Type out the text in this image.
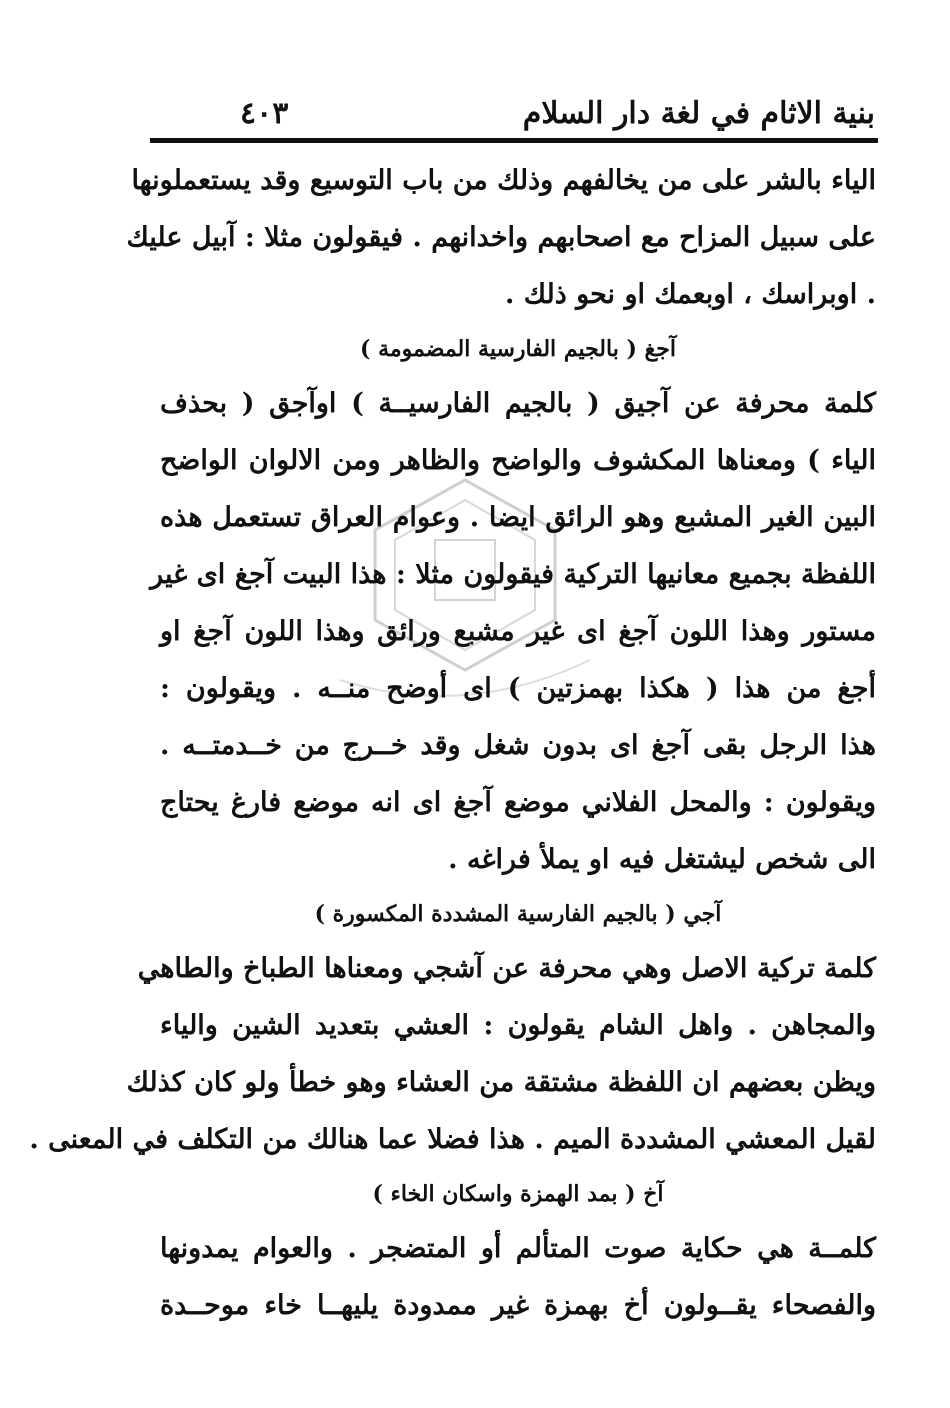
بنية الاثام في لغة دار السلام
٤٠٣
الياء بالشر على من يخالفهم وذلك من باب التوسيع وقد يستعملونها
على سبيل المزاح مع اصحابهم واخدانهم . فيقولون مثلا : آبيل عليك
. اوبراسك ، اوبعمك او نحو ذلك .
آجغ ( بالجيم الفارسية المضمومة )
كلمة محرفة عن آجيق ( بالجيم الفارسيــة ) اوآجق ( بحذف
الياء ) ومعناها المكشوف والواضح والظاهر ومن الالوان الواضح
البين الغير المشبع وهو الرائق ايضا . وعوام العراق تستعمل هذه
اللفظة بجميع معانيها التركية فيقولون مثلا : هذا البيت آجغ اى غير
مستور وهذا اللون آجغ اى غير مشبع ورائق وهذا اللون آجغ او
أجغ من هذا ( هكذا بهمزتين ) اى أوضح منــه . ويقولون :
هذا الرجل بقى آجغ اى بدون شغل وقد خــرج من خــدمتــه .
ويقولون : والمحل الفلاني موضع آجغ اى انه موضع فارغ يحتاج
الى شخص ليشتغل فيه او يملأ فراغه .
آجي ( بالجيم الفارسية المشددة المكسورة )
كلمة تركية الاصل وهي محرفة عن آشجي ومعناها الطباخ والطاهي
والمجاهن . واهل الشام يقولون : العشي بتعديد الشين والياء
ويظن بعضهم ان اللفظة مشتقة من العشاء وهو خطأ ولو كان كذلك
لقيل المعشي المشددة الميم . هذا فضلا عما هنالك من التكلف في المعنى .
آخ ( بمد الهمزة واسكان الخاء )
كلمــة هي حكاية صوت المتألم أو المتضجر . والعوام يمدونها
والفصحاء يقــولون أخ بهمزة غير ممدودة يليهــا خاء موحــدة
